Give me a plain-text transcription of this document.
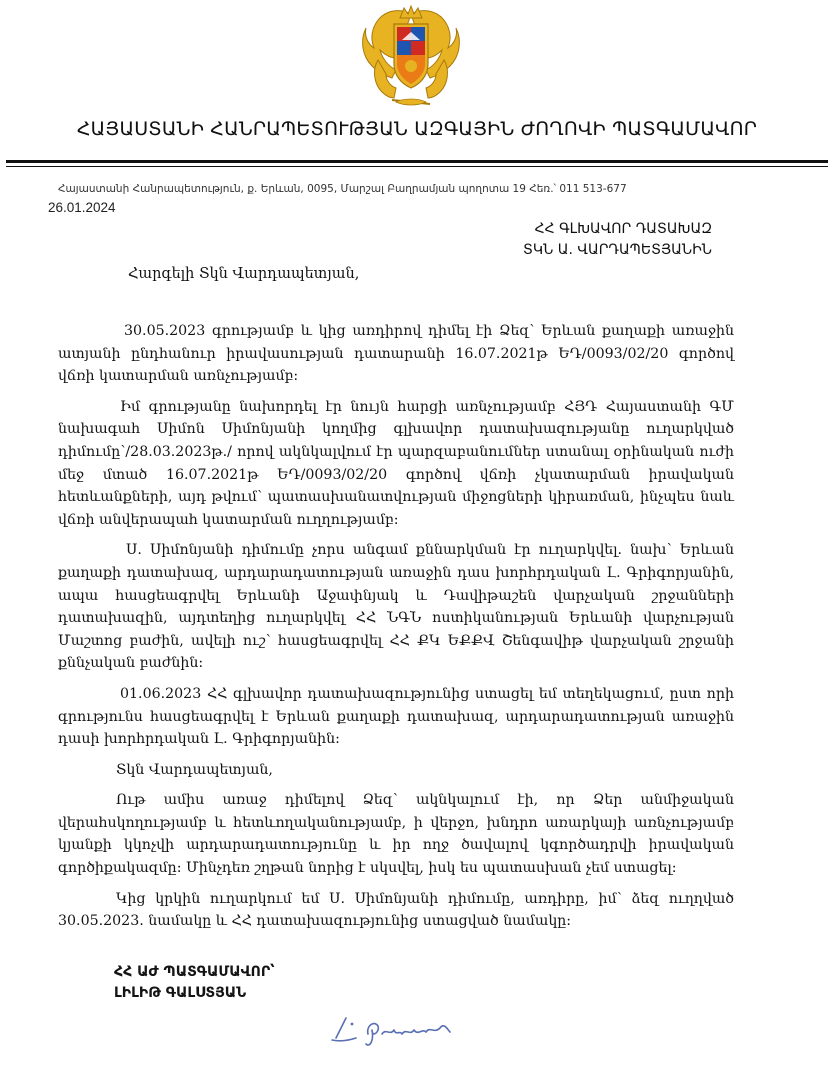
ՀԱՅԱՍՏԱՆԻ ՀԱՆՐԱՊԵՏՈՒԹՅԱՆ ԱԶԳԱՅԻՆ ԺՈՂՈՎԻ ՊԱՏԳԱՄԱՎՈՐ
Հայաստանի Հանրապետություն, ք. Երևան, 0095, Մարշալ Բաղրամյան պողոտա 19 Հեռ.՝ 011 513-677
26.01.2024
ՀՀ ԳԼԽԱՎՈՐ ԴԱՏԱԽԱԶ
ՏԿՆ Ա. ՎԱՐԴԱՊԵՏՅԱՆԻՆ
Հարգելի Տկն Վարդապետյան,

30.05.2023 գրությամբ և կից առդիրով դիմել էի Ձեզ՝ Երևան քաղաքի առաջին ատյանի ընդհանուր իրավասության դատարանի 16.07.2021թ ԵԴ/0093/02/20 գործով վճռի կատարման առնչությամբ:

Իմ գրությանը նախորդել էր նույն հարցի առնչությամբ ՀՅԴ Հայաստանի ԳՄ նախագահ Սիմոն Սիմոնյանի կողմից գլխավոր դատախազությանը ուղարկված դիմումը՝/28.03.2023թ./ որով ակնկալվում էր պարզաբանումներ ստանալ օրինական ուժի մեջ մտած 16.07.2021թ ԵԴ/0093/02/20 գործով վճռի չկատարման իրավական հետևանքների, այդ թվում՝ պատասխանատվության միջոցների կիրառման, ինչպես նաև վճռի անվերապահ կատարման ուղղությամբ:

Ս. Սիմոնյանի դիմումը չորս անգամ քննարկման էր ուղարկվել. նախ՝ Երևան քաղաքի դատախազ, արդարադատության առաջին դաս խորհրդական Լ. Գրիգորյանին, ապա հասցեագրվել Երևանի Աջափնյակ և Դավիթաշեն վարչական շրջանների դատախազին, այդտեղից ուղարկվել ՀՀ ՆԳՆ ոստիկանության Երևանի վարչության Մաշտոց բաժին, ավելի ուշ՝ հասցեագրվել ՀՀ ՔԿ ԵՔՔՎ Շենգավիթ վարչական շրջանի քննչական բաժնին:

01.06.2023 ՀՀ գլխավոր դատախազությունից ստացել եմ տեղեկացում, ըստ որի գրությունս հասցեագրվել է Երևան քաղաքի դատախազ, արդարադատության առաջին դասի խորհրդական Լ. Գրիգորյանին:

Տկն Վարդապետյան,

Ութ ամիս առաջ դիմելով Ձեզ՝ ակնկալում էի, որ Ձեր անմիջական վերահսկողությամբ և հետևողականությամբ, ի վերջո, խնդրո առարկայի առնչությամբ կյանքի կկոչվի արդարադատությունը և իր ողջ ծավալով կգործադրվի իրավական գործիքակազմը: Մինչդեռ շղթան նորից է սկսվել, իսկ ես պատասխան չեմ ստացել:

Կից կրկին ուղարկում եմ Ս. Սիմոնյանի դիմումը, առդիրը, իմ՝ ձեզ ուղղված 30.05.2023. նամակը և ՀՀ դատախազությունից ստացված նամակը:

ՀՀ ԱԺ ՊԱՏԳԱՄԱՎՈՐ՝
ԼԻԼԻԹ ԳԱԼՍՏՅԱՆ
